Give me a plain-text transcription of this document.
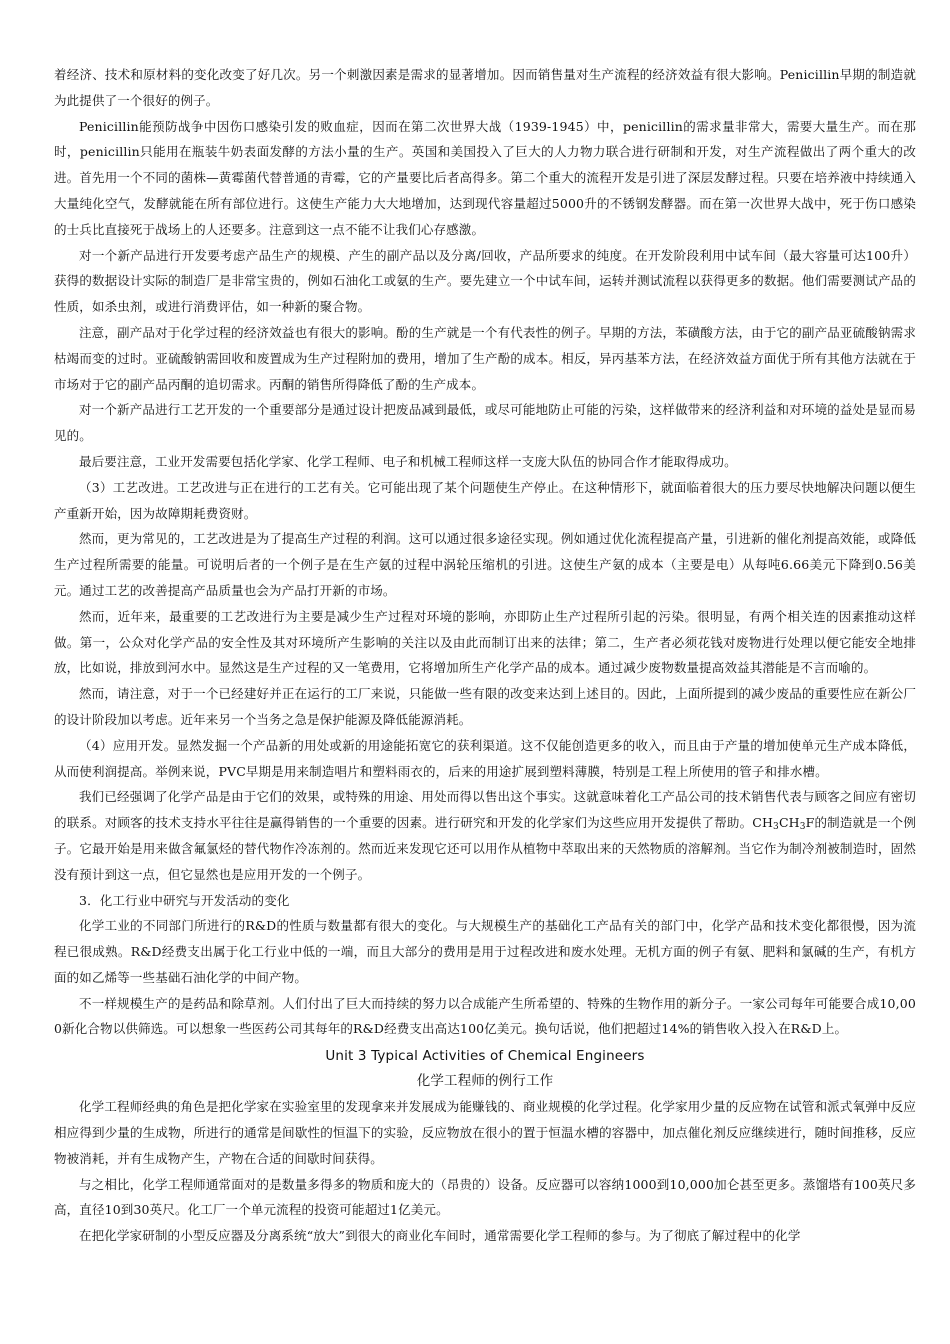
着经济、技术和原材料的变化改变了好几次。另一个刺激因素是需求的显著增加。因而销售量对生产流程的经济效益有很大影响。Penicillin早期的制造就为此提供了一个很好的例子。

Penicillin能预防战争中因伤口感染引发的败血症，因而在第二次世界大战（1939-1945）中，penicillin的需求量非常大，需要大量生产。而在那时，penicillin只能用在瓶装牛奶表面发酵的方法小量的生产。英国和美国投入了巨大的人力物力联合进行研制和开发，对生产流程做出了两个重大的改进。首先用一个不同的菌株—黄霉菌代替普通的青霉，它的产量要比后者高得多。第二个重大的流程开发是引进了深层发酵过程。只要在培养液中持续通入大量纯化空气，发酵就能在所有部位进行。这使生产能力大大地增加，达到现代容量超过5000升的不锈钢发酵器。而在第一次世界大战中，死于伤口感染的士兵比直接死于战场上的人还要多。注意到这一点不能不让我们心存感激。

对一个新产品进行开发要考虑产品生产的规模、产生的副产品以及分离/回收，产品所要求的纯度。在开发阶段利用中试车间（最大容量可达100升）获得的数据设计实际的制造厂是非常宝贵的，例如石油化工或氨的生产。要先建立一个中试车间，运转并测试流程以获得更多的数据。他们需要测试产品的性质，如杀虫剂，或进行消费评估，如一种新的聚合物。

注意，副产品对于化学过程的经济效益也有很大的影响。酚的生产就是一个有代表性的例子。早期的方法，苯磺酸方法，由于它的副产品亚硫酸钠需求枯竭而变的过时。亚硫酸钠需回收和废置成为生产过程附加的费用，增加了生产酚的成本。相反，异丙基苯方法，在经济效益方面优于所有其他方法就在于市场对于它的副产品丙酮的追切需求。丙酮的销售所得降低了酚的生产成本。

对一个新产品进行工艺开发的一个重要部分是通过设计把废品减到最低，或尽可能地防止可能的污染，这样做带来的经济利益和对环境的益处是显而易见的。

最后要注意，工业开发需要包括化学家、化学工程师、电子和机械工程师这样一支庞大队伍的协同合作才能取得成功。

（3）工艺改进。工艺改进与正在进行的工艺有关。它可能出现了某个问题使生产停止。在这种情形下，就面临着很大的压力要尽快地解决问题以便生产重新开始，因为故障期耗费资财。

然而，更为常见的，工艺改进是为了提高生产过程的利润。这可以通过很多途径实现。例如通过优化流程提高产量，引进新的催化剂提高效能，或降低生产过程所需要的能量。可说明后者的一个例子是在生产氨的过程中涡轮压缩机的引进。这使生产氨的成本（主要是电）从每吨6.66美元下降到0.56美元。通过工艺的改善提高产品质量也会为产品打开新的市场。

然而，近年来，最重要的工艺改进行为主要是减少生产过程对环境的影响，亦即防止生产过程所引起的污染。很明显，有两个相关连的因素推动这样做。第一，公众对化学产品的安全性及其对环境所产生影响的关注以及由此而制订出来的法律；第二，生产者必须花钱对废物进行处理以便它能安全地排放，比如说，排放到河水中。显然这是生产过程的又一笔费用，它将增加所生产化学产品的成本。通过减少废物数量提高效益其潜能是不言而喻的。

然而，请注意，对于一个已经建好并正在运行的工厂来说，只能做一些有限的改变来达到上述目的。因此，上面所提到的减少废品的重要性应在新公厂的设计阶段加以考虑。近年来另一个当务之急是保护能源及降低能源消耗。

（4）应用开发。显然发掘一个产品新的用处或新的用途能拓宽它的获利渠道。这不仅能创造更多的收入，而且由于产量的增加使单元生产成本降低，从而使利润提高。举例来说，PVC早期是用来制造唱片和塑料雨衣的，后来的用途扩展到塑料薄膜，特别是工程上所使用的管子和排水槽。

我们已经强调了化学产品是由于它们的效果，或特殊的用途、用处而得以售出这个事实。这就意味着化工产品公司的技术销售代表与顾客之间应有密切的联系。对顾客的技术支持水平往往是赢得销售的一个重要的因素。进行研究和开发的化学家们为这些应用开发提供了帮助。$CH_3CH_3F$的制造就是一个例子。它最开始是用来做含氟氯烃的替代物作冷冻剂的。然而近来发现它还可以用作从植物中萃取出来的天然物质的溶解剂。当它作为制冷剂被制造时，固然没有预计到这一点，但它显然也是应用开发的一个例子。

3．化工行业中研究与开发活动的变化

化学工业的不同部门所进行的R&D的性质与数量都有很大的变化。与大规模生产的基础化工产品有关的部门中，化学产品和技术变化都很慢，因为流程已很成熟。R&D经费支出属于化工行业中低的一端，而且大部分的费用是用于过程改进和废水处理。无机方面的例子有氨、肥料和氯碱的生产，有机方面的如乙烯等一些基础石油化学的中间产物。

不一样规模生产的是药品和除草剂。人们付出了巨大而持续的努力以合成能产生所希望的、特殊的生物作用的新分子。一家公司每年可能要合成10,000新化合物以供筛选。可以想象一些医药公司其每年的R&D经费支出高达100亿美元。换句话说，他们把超过14%的销售收入投入在R&D上。

Unit 3 Typical Activities of Chemical Engineers

化学工程师的例行工作

化学工程师经典的角色是把化学家在实验室里的发现拿来并发展成为能赚钱的、商业规模的化学过程。化学家用少量的反应物在试管和派式氧弹中反应相应得到少量的生成物，所进行的通常是间歇性的恒温下的实验，反应物放在很小的置于恒温水槽的容器中，加点催化剂反应继续进行，随时间推移，反应物被消耗，并有生成物产生，产物在合适的间歇时间获得。

与之相比，化学工程师通常面对的是数量多得多的物质和庞大的（昂贵的）设备。反应器可以容纳1000到10,000加仑甚至更多。蒸馏塔有100英尺多高，直径10到30英尺。化工厂一个单元流程的投资可能超过1亿美元。

在把化学家研制的小型反应器及分离系统“放大”到很大的商业化车间时，通常需要化学工程师的参与。为了彻底了解过程中的化学
